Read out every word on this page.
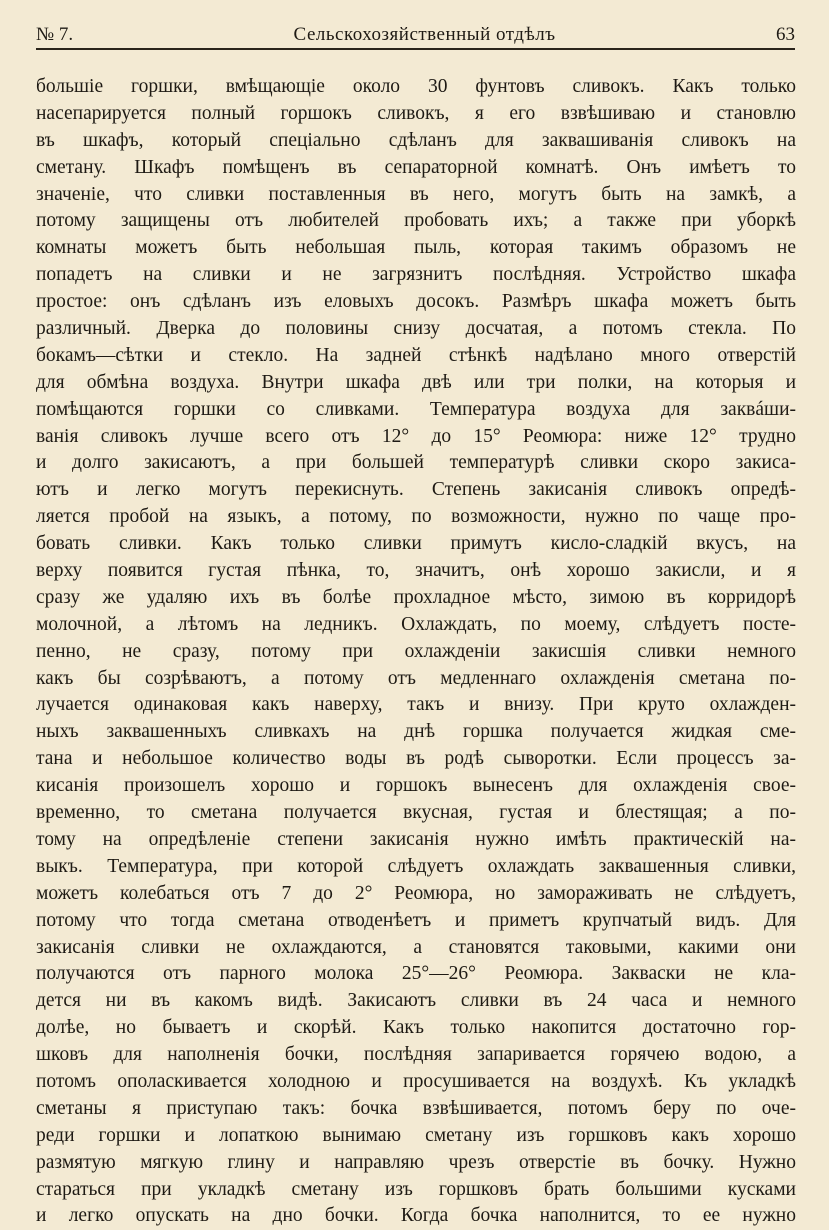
№ 7.	Сельскохозяйственный отдѣлъ	63
большіе горшки, вмѣщающіе около 30 фунтовъ сливокъ. Какъ только
насепарируется полный горшокъ сливокъ, я его взвѣшиваю и становлю
въ шкафъ, который спеціально сдѣланъ для заквашиванія сливокъ на
сметану. Шкафъ помѣщенъ въ сепараторной комнатѣ. Онъ имѣетъ то
значеніе, что сливки поставленныя въ него, могутъ быть на замкѣ, а
потому защищены отъ любителей пробовать ихъ; а также при уборкѣ
комнаты можетъ быть небольшая пыль, которая такимъ образомъ не
попадетъ на сливки и не загрязнитъ послѣдняя. Устройство шкафа
простое: онъ сдѣланъ изъ еловыхъ досокъ. Размѣръ шкафа можетъ быть
различный. Дверка до половины снизу досчатая, а потомъ стекла. По
бокамъ—сѣтки и стекло. На задней стѣнкѣ надѣлано много отверстій
для обмѣна воздуха. Внутри шкафа двѣ или три полки, на которыя и
помѣщаются горшки со сливками. Температура воздуха для заквáши-
ванія сливокъ лучше всего отъ 12° до 15° Реомюра: ниже 12° трудно
и долго закисаютъ, а при большей температурѣ сливки скоро закиса-
ютъ и легко могутъ перекиснуть. Степень закисанія сливокъ опредѣ-
ляется пробой на языкъ, а потому, по возможности, нужно по чаще про-
бовать сливки. Какъ только сливки примутъ кисло-сладкій вкусъ, на
верху появится густая пѣнка, то, значитъ, онѣ хорошо закисли, и я
сразу же удаляю ихъ въ болѣе прохладное мѣсто, зимою въ корридорѣ
молочной, а лѣтомъ на ледникъ. Охлаждать, по моему, слѣдуетъ посте-
пенно, не сразу, потому при охлажденіи закисшія сливки немного
какъ бы созрѣваютъ, а потому отъ медленнаго охлажденія сметана по-
лучается одинаковая какъ наверху, такъ и внизу. При круто охлажден-
ныхъ заквашенныхъ сливкахъ на днѣ горшка получается жидкая сме-
тана и небольшое количество воды въ родѣ сыворотки. Если процессъ за-
кисанія произошелъ хорошо и горшокъ вынесенъ для охлажденія свое-
временно, то сметана получается вкусная, густая и блестящая; а по-
тому на опредѣленіе степени закисанія нужно имѣть практическій на-
выкъ. Температура, при которой слѣдуетъ охлаждать заквашенныя сливки,
можетъ колебаться отъ 7 до 2° Реомюра, но замораживать не слѣдуетъ,
потому что тогда сметана отводенѣетъ и приметъ крупчатый видъ. Для
закисанія сливки не охлаждаются, а становятся таковыми, какими они
получаются отъ парного молока 25°—26° Реомюра. Закваски не кла-
дется ни въ какомъ видѣ. Закисаютъ сливки въ 24 часа и немного
долѣе, но бываетъ и скорѣй. Какъ только накопится достаточно гор-
шковъ для наполненія бочки, послѣдняя запаривается горячею водою, а
потомъ ополаскивается холодною и просушивается на воздухѣ. Къ укладкѣ
сметаны я приступаю такъ: бочка взвѣшивается, потомъ беру по оче-
реди горшки и лопаткою вынимаю сметану изъ горшковъ какъ хорошо
размятую мягкую глину и направляю чрезъ отверстіе въ бочку. Нужно
стараться при укладкѣ сметану изъ горшковъ брать большими кусками
и легко опускать на дно бочки. Когда бочка наполнится, то ее нужно
